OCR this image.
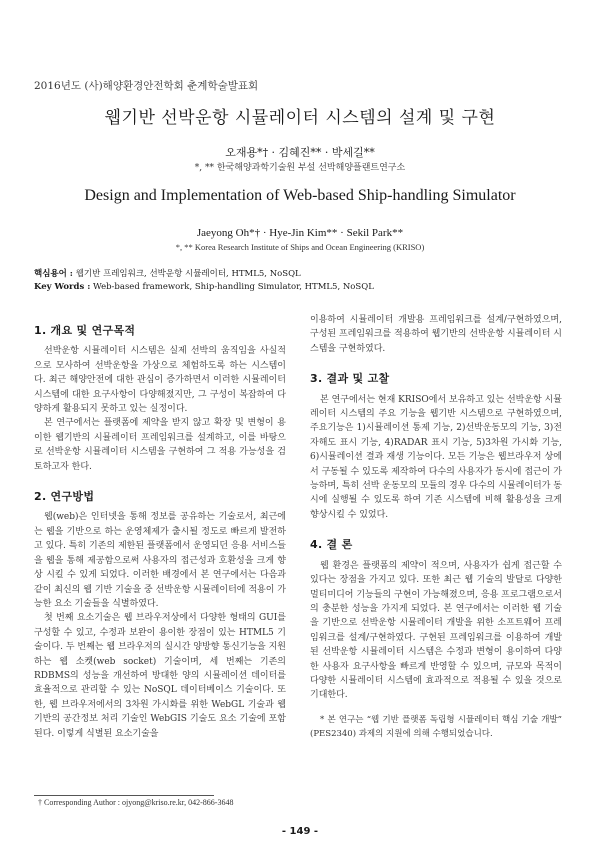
2016년도 (사)해양환경안전학회 춘계학술발표회
웹기반 선박운항 시뮬레이터 시스템의 설계 및 구현
오재용*† · 김혜진** · 박세길**
*, ** 한국해양과학기술원 부설 선박해양플랜트연구소
Design and Implementation of Web-based Ship-handling Simulator
Jaeyong Oh*† · Hye-Jin Kim** · Sekil Park**
*, ** Korea Research Institute of Ships and Ocean Engineering (KRISO)
핵심용어 : 웹기반 프레임워크, 선박운항 시뮬레이터, HTML5, NoSQL
Key Words : Web-based framework, Ship-handling Simulator, HTML5, NoSQL
1. 개요 및 연구목적

선박운항 시뮬레이터 시스템은 실제 선박의 움직임을 사실적으로 모사하여 선박운항을 가상으로 체험하도록 하는 시스템이다. 최근 해양안전에 대한 관심이 증가하면서 이러한 시뮬레이터 시스템에 대한 요구사항이 다양해졌지만, 그 구성이 복잡하여 다양하게 활용되지 못하고 있는 실정이다.

본 연구에서는 플랫폼에 제약을 받지 않고 확장 및 변형이 용이한 웹기반의 시뮬레이터 프레임워크를 설계하고, 이를 바탕으로 선박운항 시뮬레이터 시스템을 구현하여 그 적용 가능성을 검토하고자 한다.

2. 연구방법

웹(web)은 인터넷을 통해 정보를 공유하는 기술로서, 최근에는 웹을 기반으로 하는 운영체제가 출시될 정도로 빠르게 발전하고 있다. 특히 기존의 제한된 플랫폼에서 운영되던 응용 서비스들을 웹을 통해 제공함으로써 사용자의 접근성과 호환성을 크게 향상 시킬 수 있게 되었다. 이러한 배경에서 본 연구에서는 다음과 같이 최신의 웹 기반 기술을 중 선박운항 시뮬레이터에 적용이 가능한 요소 기술들을 식별하였다.

첫 번째 요소기술은 웹 브라우저상에서 다양한 형태의 GUI를 구성할 수 있고, 수정과 보완이 용이한 장점이 있는 HTML5 기술이다. 두 번째는 웹 브라우저의 실시간 양방향 통신기능을 지원하는 웹 소켓(web socket) 기술이며, 세 번째는 기존의 RDBMS의 성능을 개선하여 방대한 양의 시뮬레이션 데이터를 효율적으로 관리할 수 있는 NoSQL 데이터베이스 기술이다. 또한, 웹 브라우저에서의 3차원 가시화를 위한 WebGL 기술과 웹 기반의 공간정보 처리 기술인 WebGIS 기술도 요소 기술에 포함된다. 이렇게 식별된 요소기술을

이용하여 시뮬레이터 개발용 프레임워크를 설계/구현하였으며, 구성된 프레임워크를 적용하여 웹기반의 선박운항 시뮬레이터 시스템을 구현하였다.

3. 결과 및 고찰

본 연구에서는 현재 KRISO에서 보유하고 있는 선박운항 시뮬레이터 시스템의 주요 기능을 웹기반 시스템으로 구현하였으며, 주요기능은 1)시뮬레이션 통제 기능, 2)선박운동모의 기능, 3)전자해도 표시 기능, 4)RADAR 표시 기능, 5)3차원 가시화 기능, 6)시뮬레이션 결과 재생 기능이다. 모든 기능은 웹브라우저 상에서 구동될 수 있도록 제작하여 다수의 사용자가 동시에 접근이 가능하며, 특히 선박 운동모의 모듈의 경우 다수의 시뮬레이터가 동시에 실행될 수 있도록 하여 기존 시스템에 비해 활용성을 크게 향상시킬 수 있었다.

4. 결 론

웹 환경은 플랫폼의 제약이 적으며, 사용자가 쉽게 접근할 수 있다는 장점을 가지고 있다. 또한 최근 웹 기술의 발달로 다양한 멀티미디어 기능들의 구현이 가능해졌으며, 응용 프로그램으로서의 충분한 성능을 가지게 되었다. 본 연구에서는 이러한 웹 기술을 기반으로 선박운항 시뮬레이터 개발을 위한 소프트웨어 프레임워크를 설계/구현하였다. 구현된 프레임워크를 이용하여 개발된 선박운항 시뮬레이터 시스템은 수정과 변형이 용이하여 다양한 사용자 요구사항을 빠르게 반영할 수 있으며, 규모와 목적이 다양한 시뮬레이터 시스템에 효과적으로 적용될 수 있을 것으로 기대한다.

* 본 연구는 “웹 기반 플랫폼 독립형 시뮬레이터 핵심 기술 개발” (PES2340) 과제의 지원에 의해 수행되었습니다.

† Corresponding Author : ojyong@kriso.re.kr, 042-866-3648
- 149 -
